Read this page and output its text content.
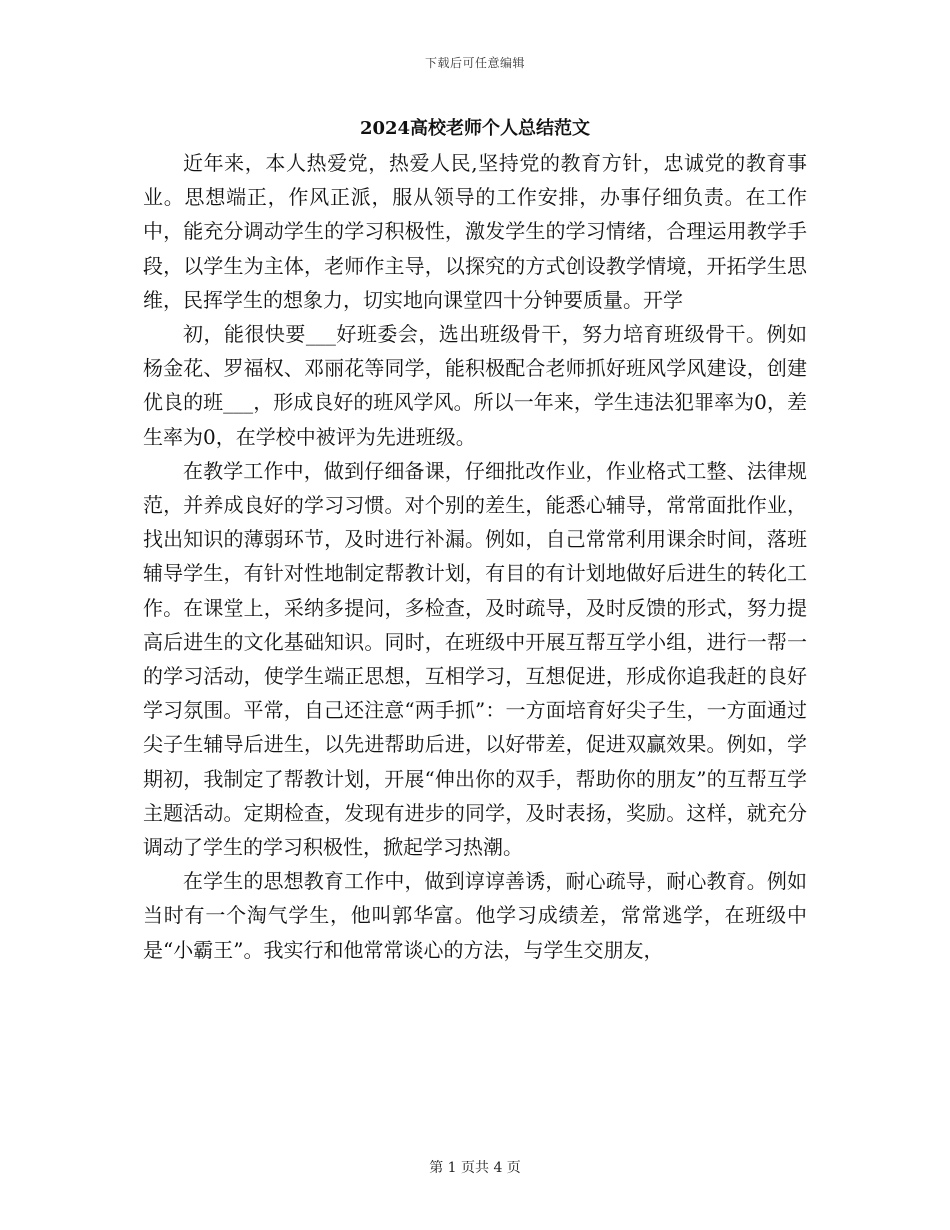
下载后可任意编辑
2024高校老师个人总结范文

近年来，本人热爱党，热爱人民,坚持党的教育方针，忠诚党的教育事业。思想端正，作风正派，服从领导的工作安排，办事仔细负责。在工作中，能充分调动学生的学习积极性，激发学生的学习情绪，合理运用教学手段，以学生为主体，老师作主导，以探究的方式创设教学情境，开拓学生思维，民挥学生的想象力，切实地向课堂四十分钟要质量。开学

初，能很快要___好班委会，选出班级骨干，努力培育班级骨干。例如杨金花、罗福权、邓丽花等同学，能积极配合老师抓好班风学风建设，创建优良的班___，形成良好的班风学风。所以一年来，学生违法犯罪率为0，差生率为0，在学校中被评为先进班级。

在教学工作中，做到仔细备课，仔细批改作业，作业格式工整、法律规范，并养成良好的学习习惯。对个别的差生，能悉心辅导，常常面批作业，找出知识的薄弱环节，及时进行补漏。例如，自己常常利用课余时间，落班辅导学生，有针对性地制定帮教计划，有目的有计划地做好后进生的转化工作。在课堂上，采纳多提问，多检查，及时疏导，及时反馈的形式，努力提高后进生的文化基础知识。同时，在班级中开展互帮互学小组，进行一帮一的学习活动，使学生端正思想，互相学习，互想促进，形成你追我赶的良好学习氛围。平常，自己还注意“两手抓”：一方面培育好尖子生，一方面通过尖子生辅导后进生，以先进帮助后进，以好带差，促进双赢效果。例如，学期初，我制定了帮教计划，开展“伸出你的双手，帮助你的朋友”的互帮互学主题活动。定期检查，发现有进步的同学，及时表扬，奖励。这样，就充分调动了学生的学习积极性，掀起学习热潮。

在学生的思想教育工作中，做到谆谆善诱，耐心疏导，耐心教育。例如当时有一个淘气学生，他叫郭华富。他学习成绩差，常常逃学，在班级中是“小霸王”。我实行和他常常谈心的方法，与学生交朋友，

第 1 页共 4 页
